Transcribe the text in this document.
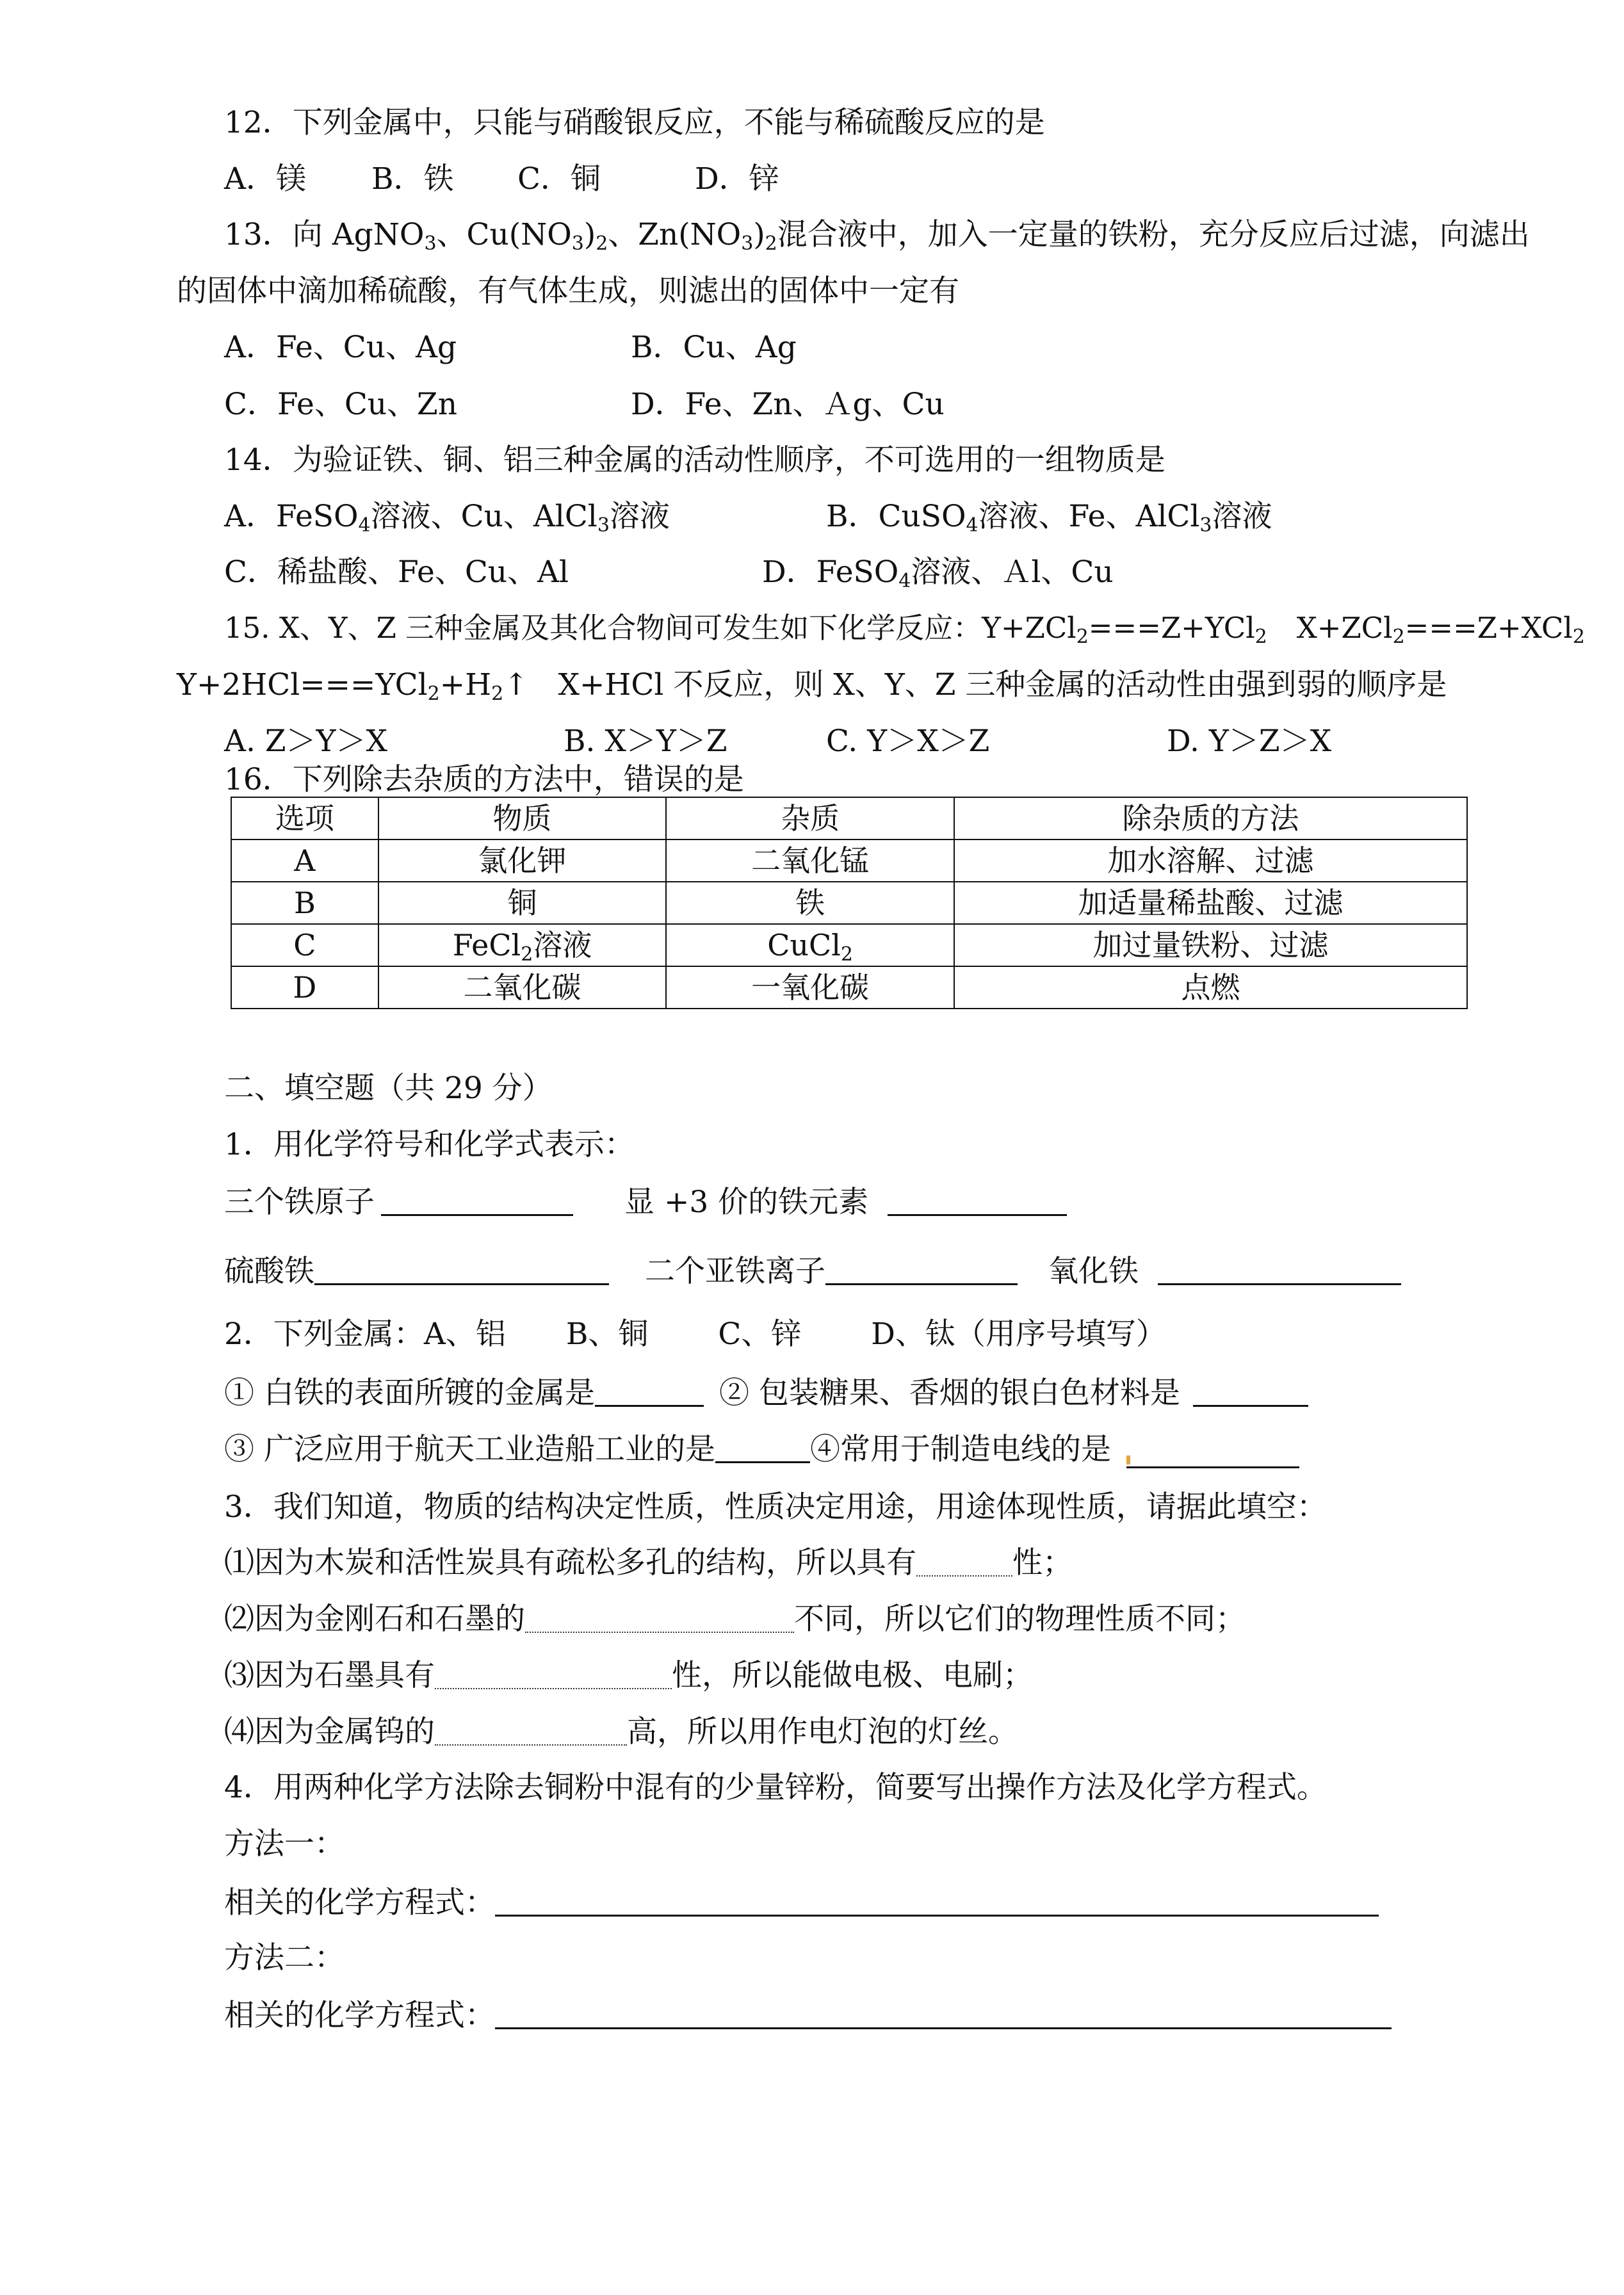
12．下列金属中，只能与硝酸银反应，不能与稀硫酸反应的是
A．镁 B．铁 C．铜	D．锌
13．向 AgNO$_3$、$Cu(NO_3)_2$、$Zn(NO_3)_2$混合液中，加入一定量的铁粉，充分反应后过滤，向滤出
的固体中滴加稀硫酸，有气体生成，则滤出的固体中一定有
A．Fe、Cu、Ag	B．Cu、Ag
C．Fe、Cu、Zn	D．Fe、Zn、Ａg、Cu
14．为验证铁、铜、铝三种金属的活动性顺序，不可选用的一组物质是
A．FeSO$_4$溶液、Cu、AlCl$_3$溶液	B．CuSO$_4$溶液、Fe、AlCl$_3$溶液
C．稀盐酸、Fe、Cu、Al	D．FeSO$_4$溶液、Ａl、Cu
15. X、Y、Z 三种金属及其化合物间可发生如下化学反应：Y+ZCl$_2$===Z+YCl$_2$ X+ZCl$_2$===Z+XCl$_2$
$Y+2HCl===YCl_2+H_2↑$ X+HCl 不反应，则 X、Y、Z 三种金属的活动性由强到弱的顺序是
A. Z＞Y＞X	B. X＞Y＞Z	C. Y＞X＞Z	D. Y＞Z＞X
16．下列除去杂质的方法中，错误的是
选项	物质	杂质	除杂质的方法
A	氯化钾	二氧化锰	加水溶解、过滤
B	铜	铁	加适量稀盐酸、过滤
C	FeCl$_2$溶液	CuCl$_2$	加过量铁粉、过滤
D	二氧化碳	一氧化碳	点燃
二、填空题（共 29 分）
1．用化学符号和化学式表示：
三个铁原子	显 +3 价的铁元素
硫酸铁	二个亚铁离子	氧化铁
2．下列金属：A、铝　　B、铜　　 C、锌　　 D、钛（用序号填写）
① 白铁的表面所镀的金属是	② 包装糖果、香烟的银白色材料是
③ 广泛应用于航天工业造船工业的是	④常用于制造电线的是
3．我们知道，物质的结构决定性质，性质决定用途，用途体现性质，请据此填空：
⑴因为木炭和活性炭具有疏松多孔的结构，所以具有	性；
⑵因为金刚石和石墨的	不同，所以它们的物理性质不同；
⑶因为石墨具有	性，所以能做电极、电刷；
⑷因为金属钨的	高，所以用作电灯泡的灯丝。
4．用两种化学方法除去铜粉中混有的少量锌粉，简要写出操作方法及化学方程式。
方法一：
相关的化学方程式：
方法二：
相关的化学方程式：
